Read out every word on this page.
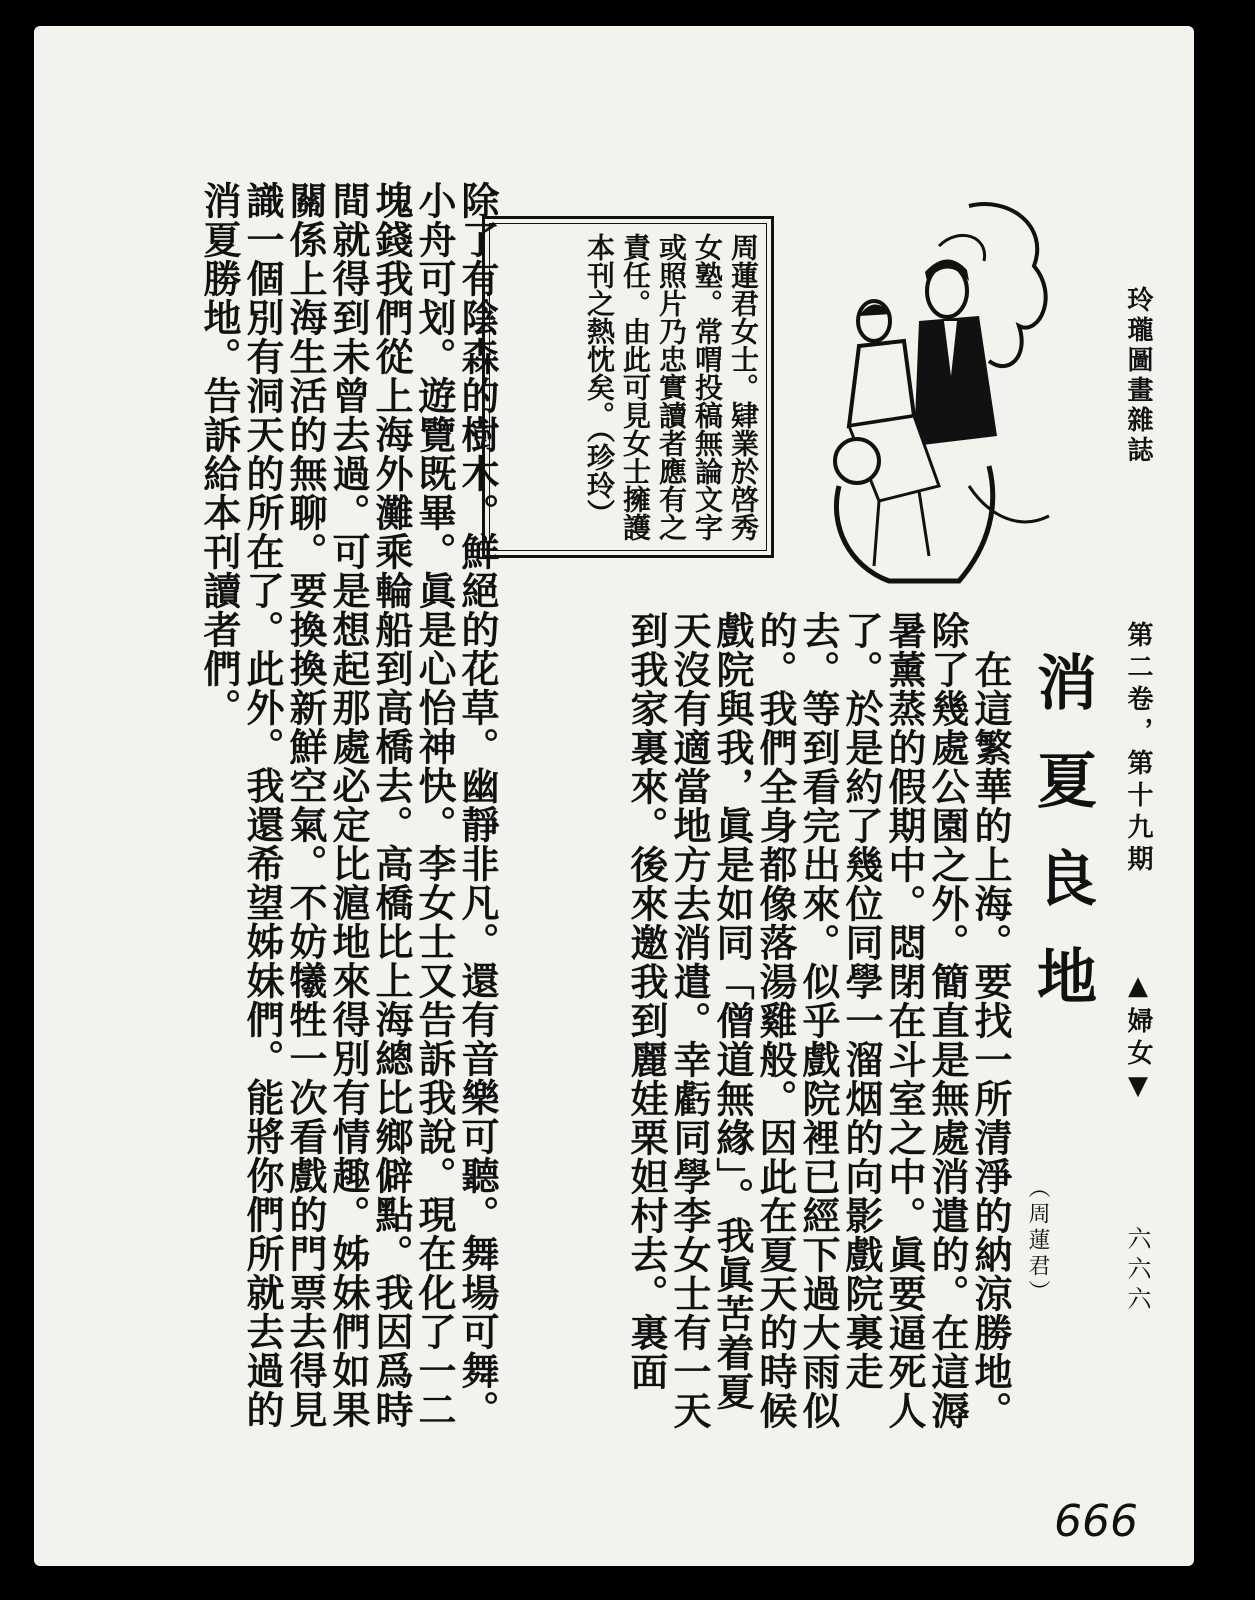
玲瓏圖畫雜誌
第二卷，第十九期
▲婦女▼
六六六
消夏良地
（周蓮君）
周蓮君女士。肄業於啓秀女塾。常喟投稿無論文字或照片乃忠實讀者應有之責任。由此可見女士擁護本刊之熱忱矣。（珍玲）

　在這繁華的上海。要找一所清淨的納涼勝地。除了幾處公園之外。簡直是無處消遣的。在這溽暑薰蒸的假期中。悶閉在斗室之中。眞要逼死人了。於是約了幾位同學一溜烟的向影戲院裏走去。等到看完出來。似乎戲院裡已經下過大雨似的。我們全身都像落湯雞般。因此在夏天的時候戲院與我，眞是如同「僧道無緣」。我眞苦着夏天沒有適當地方去消遣。幸虧同學李女士有一天到我家裏來。後來邀我到麗娃栗妲村去。裏面

除了有陰森的樹木。鮮絕的花草。幽靜非凡。還有音樂可聽。舞場可舞。小舟可划。遊覽既畢。眞是心怡神快。李女士又告訴我說。現在化了一二塊錢我們從上海外灘乘輪船到高橋去。高橋比上海總比鄉僻點。我因爲時間就得到未曾去過。可是想起那處必定比滬地來得別有情趣。姊妹們如果關係上海生活的無聊。要換換新鮮空氣。不妨犧牲一次看戲的門票去得見識一個別有洞天的所在了。此外。我還希望姊妹們。能將你們所就去過的消夏勝地。告訴給本刊讀者們。

666
